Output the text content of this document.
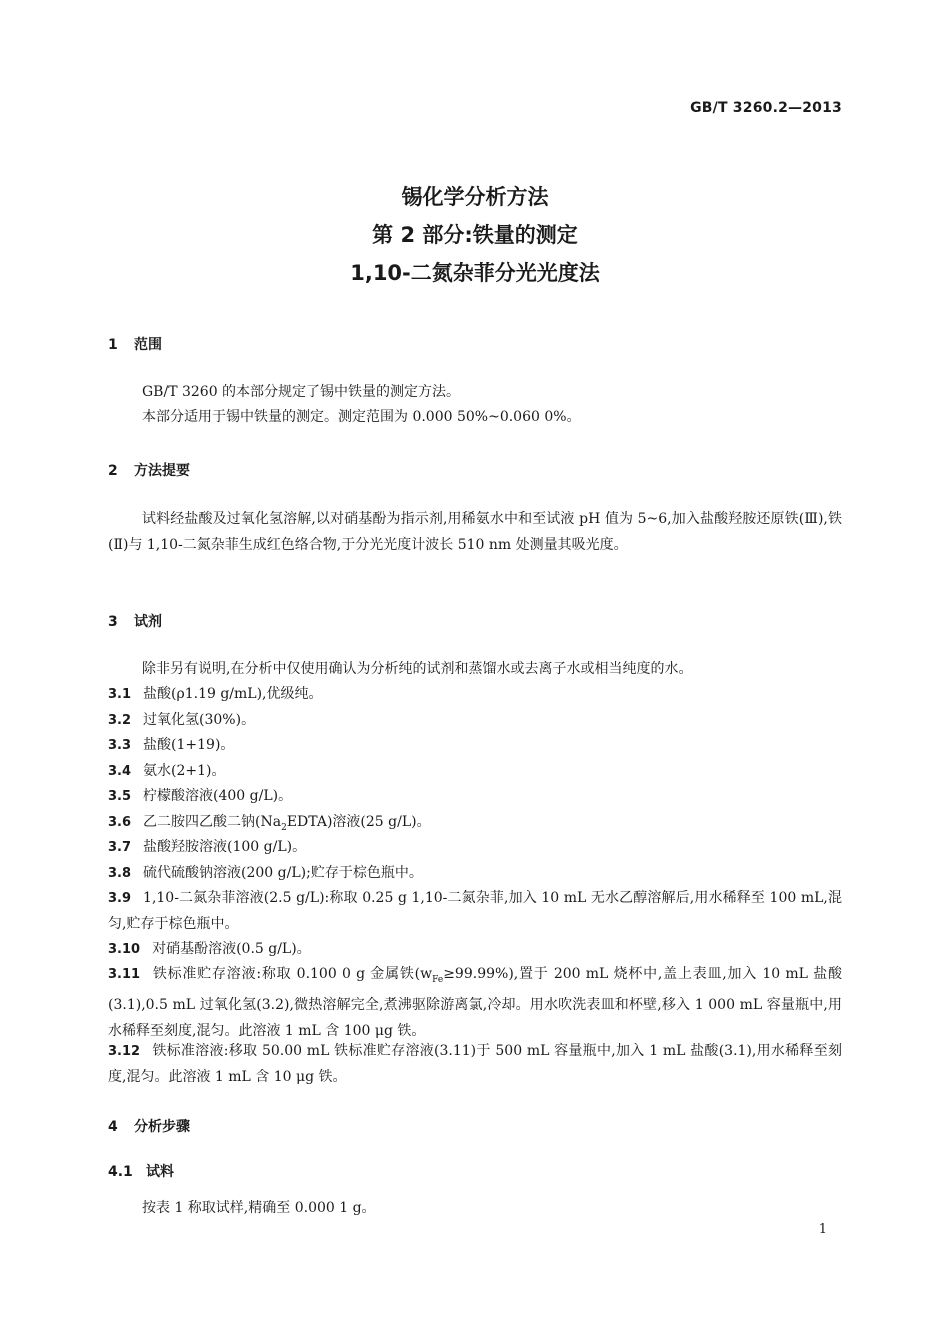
GB/T 3260.2—2013
锡化学分析方法
第 2 部分:铁量的测定
1,10-二氮杂菲分光光度法
1 范围
GB/T 3260 的本部分规定了锡中铁量的测定方法。
本部分适用于锡中铁量的测定。测定范围为 0.000 50%~0.060 0%。
2 方法提要
试料经盐酸及过氧化氢溶解,以对硝基酚为指示剂,用稀氨水中和至试液 pH 值为 5~6,加入盐酸羟胺还原铁(Ⅲ),铁(Ⅱ)与 1,10-二氮杂菲生成红色络合物,于分光光度计波长 510 nm 处测量其吸光度。
3 试剂
除非另有说明,在分析中仅使用确认为分析纯的试剂和蒸馏水或去离子水或相当纯度的水。
3.1 盐酸(ρ1.19 g/mL),优级纯。
3.2 过氧化氢(30%)。
3.3 盐酸(1+19)。
3.4 氨水(2+1)。
3.5 柠檬酸溶液(400 g/L)。
3.6 乙二胺四乙酸二钠$(Na_2EDTA)$溶液(25 g/L)。
3.7 盐酸羟胺溶液(100 g/L)。
3.8 硫代硫酸钠溶液(200 g/L);贮存于棕色瓶中。
3.9 1,10-二氮杂菲溶液(2.5 g/L):称取 0.25 g 1,10-二氮杂菲,加入 10 mL 无水乙醇溶解后,用水稀释至 100 mL,混匀,贮存于棕色瓶中。
3.10 对硝基酚溶液(0.5 g/L)。
3.11 铁标准贮存溶液:称取 0.100 0 g 金属铁$(w_{Fe}\ge 99.99\%)$,置于 200 mL 烧杯中,盖上表皿,加入 10 mL 盐酸(3.1),0.5 mL 过氧化氢(3.2),微热溶解完全,煮沸驱除游离氯,冷却。用水吹洗表皿和杯壁,移入 1 000 mL 容量瓶中,用水稀释至刻度,混匀。此溶液 1 mL 含 100 μg 铁。
3.12 铁标准溶液:移取 50.00 mL 铁标准贮存溶液(3.11)于 500 mL 容量瓶中,加入 1 mL 盐酸(3.1),用水稀释至刻度,混匀。此溶液 1 mL 含 10 μg 铁。
4 分析步骤
4.1 试料
按表 1 称取试样,精确至 0.000 1 g。
1
